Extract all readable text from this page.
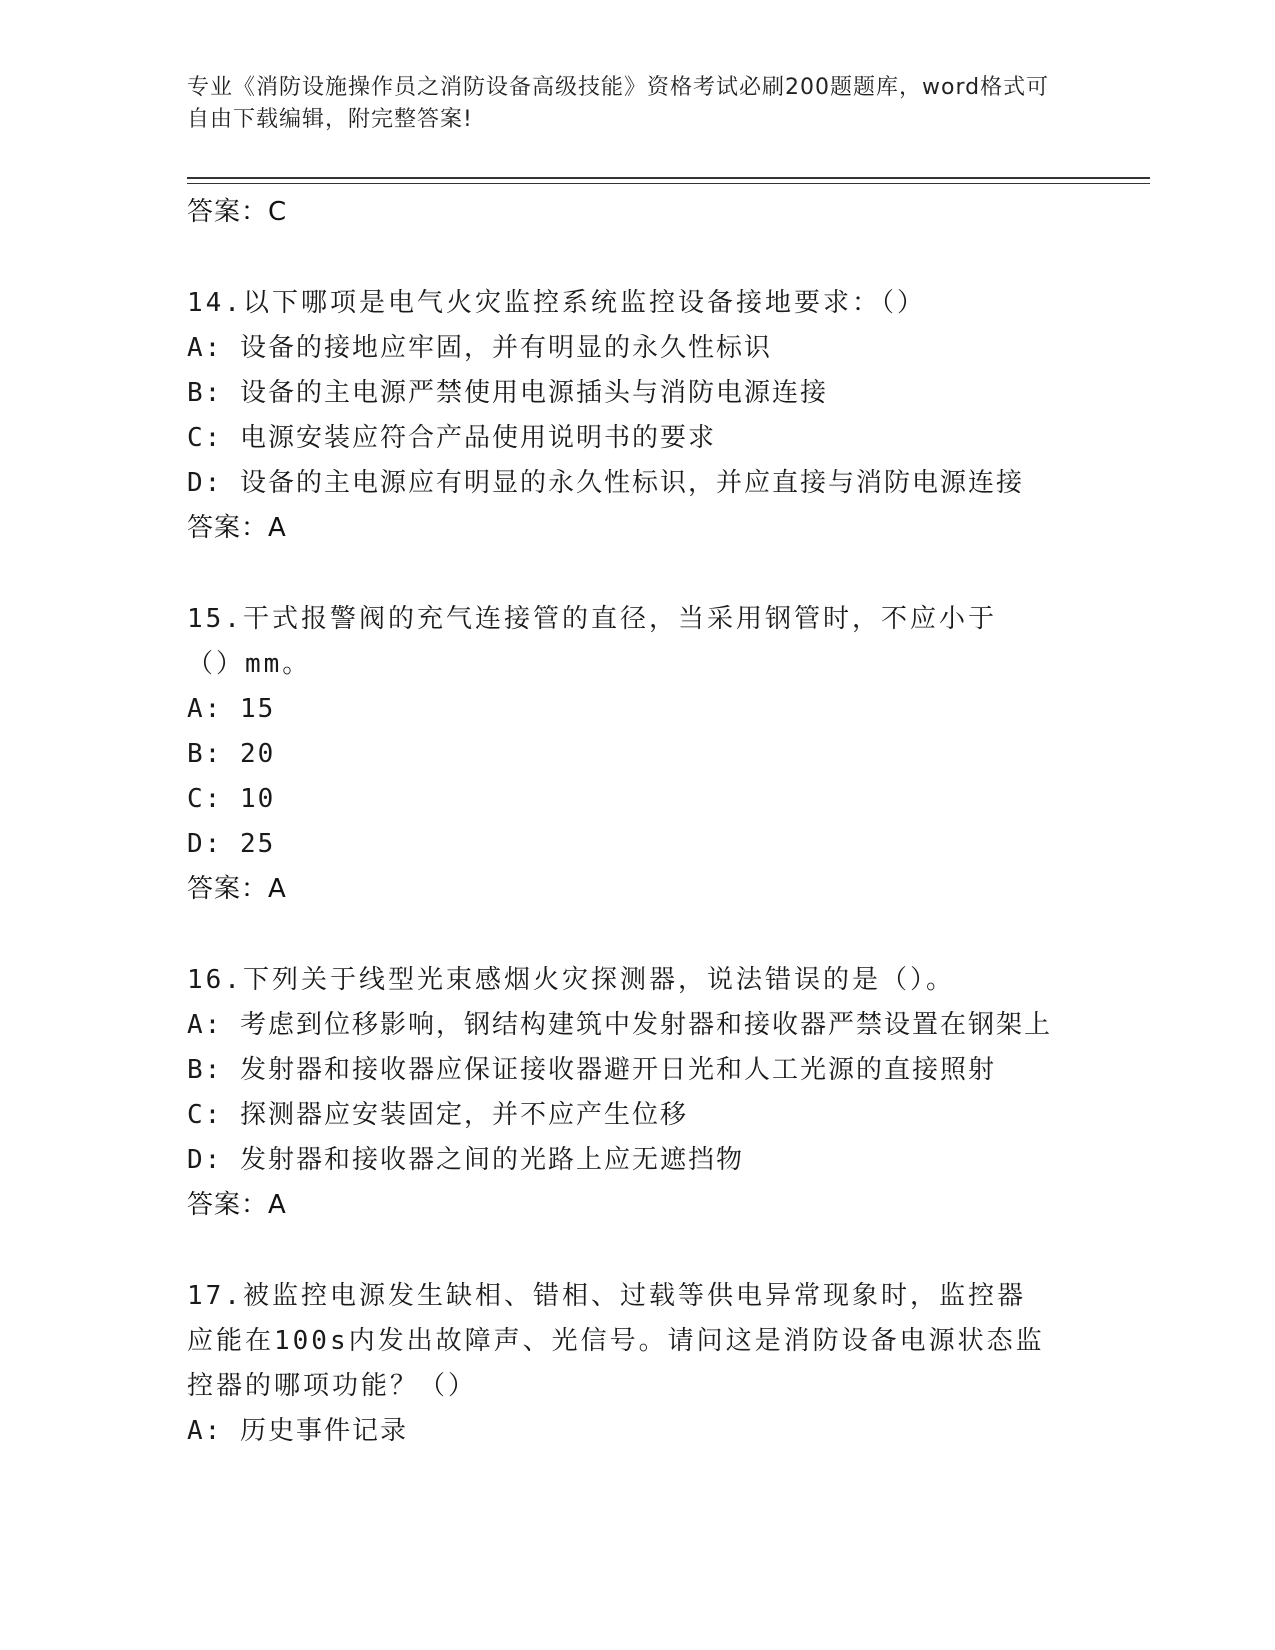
专业《消防设施操作员之消防设备高级技能》资格考试必刷200题题库，word格式可自由下载编辑，附完整答案!
答案：C
14.以下哪项是电气火灾监控系统监控设备接地要求：（）
A: 设备的接地应牢固，并有明显的永久性标识
B: 设备的主电源严禁使用电源插头与消防电源连接
C: 电源安装应符合产品使用说明书的要求
D: 设备的主电源应有明显的永久性标识，并应直接与消防电源连接
答案：A
15.干式报警阀的充气连接管的直径，当采用钢管时，不应小于（）mm。
A: 15
B: 20
C: 10
D: 25
答案：A
16.下列关于线型光束感烟火灾探测器，说法错误的是（）。
A: 考虑到位移影响，钢结构建筑中发射器和接收器严禁设置在钢架上
B: 发射器和接收器应保证接收器避开日光和人工光源的直接照射
C: 探测器应安装固定，并不应产生位移
D: 发射器和接收器之间的光路上应无遮挡物
答案：A
17.被监控电源发生缺相、错相、过载等供电异常现象时，监控器应能在100s内发出故障声、光信号。请问这是消防设备电源状态监控器的哪项功能？（）
A: 历史事件记录
